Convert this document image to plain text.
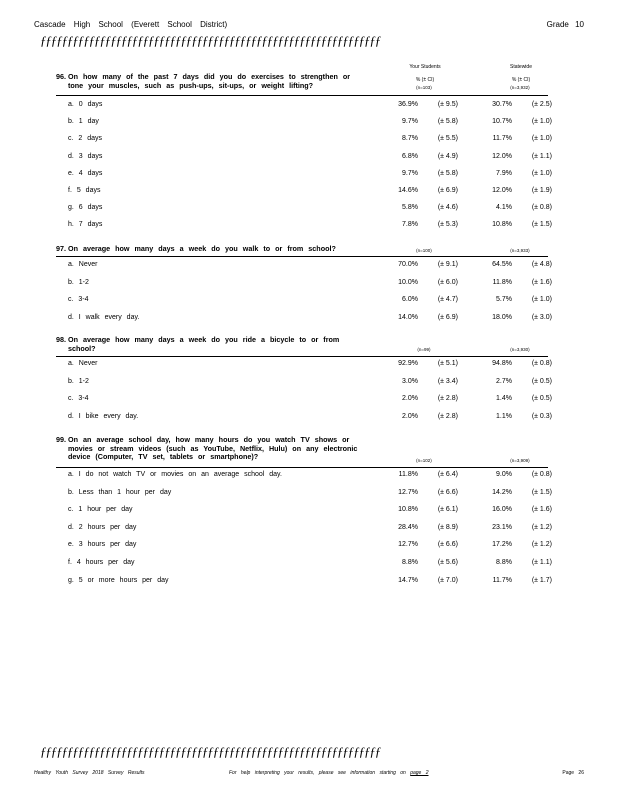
Cascade High School (Everett School District)	Grade 10
ƒƒƒƒƒƒƒƒƒƒƒƒƒƒƒƒƒƒƒƒƒƒƒƒƒƒƒƒƒƒƒƒƒƒƒƒƒƒƒƒƒƒƒƒƒƒƒƒƒƒƒƒƒƒƒƒƒƒƒƒƒƒƒ
Your Students	Statewide
% (± CI)	% (± CI)
96. On how many of the past 7 days did you do exercises to strengthen or tone your muscles, such as push-ups, sit-ups, or weight lifting?	(n=103)	(n=3,932)
a. 0 days	36.9%	(± 9.5)	30.7%	(± 2.5)
b. 1 day	9.7%	(± 5.8)	10.7%	(± 1.0)
c. 2 days	8.7%	(± 5.5)	11.7%	(± 1.0)
d. 3 days	6.8%	(± 4.9)	12.0%	(± 1.1)
e. 4 days	9.7%	(± 5.8)	7.9%	(± 1.0)
f. 5 days	14.6%	(± 6.9)	12.0%	(± 1.9)
g. 6 days	5.8%	(± 4.6)	4.1%	(± 0.8)
h. 7 days	7.8%	(± 5.3)	10.8%	(± 1.5)
97. On average how many days a week do you walk to or from school?	(n=100)	(n=3,933)
a. Never	70.0%	(± 9.1)	64.5%	(± 4.8)
b. 1-2	10.0%	(± 6.0)	11.8%	(± 1.6)
c. 3-4	6.0%	(± 4.7)	5.7%	(± 1.0)
d. I walk every day.	14.0%	(± 6.9)	18.0%	(± 3.0)
98. On average how many days a week do you ride a bicycle to or from school?	(n=99)	(n=3,930)
a. Never	92.9%	(± 5.1)	94.8%	(± 0.8)
b. 1-2	3.0%	(± 3.4)	2.7%	(± 0.5)
c. 3-4	2.0%	(± 2.8)	1.4%	(± 0.5)
d. I bike every day.	2.0%	(± 2.8)	1.1%	(± 0.3)
99. On an average school day, how many hours do you watch TV shows or movies or stream videos (such as YouTube, Netflix, Hulu) on any electronic device (Computer, TV set, tablets or smartphone)?	(n=102)	(n=3,909)
a. I do not watch TV or movies on an average school day.	11.8%	(± 6.4)	9.0%	(± 0.8)
b. Less than 1 hour per day	12.7%	(± 6.6)	14.2%	(± 1.5)
c. 1 hour per day	10.8%	(± 6.1)	16.0%	(± 1.6)
d. 2 hours per day	28.4%	(± 8.9)	23.1%	(± 1.2)
e. 3 hours per day	12.7%	(± 6.6)	17.2%	(± 1.2)
f. 4 hours per day	8.8%	(± 5.6)	8.8%	(± 1.1)
g. 5 or more hours per day	14.7%	(± 7.0)	11.7%	(± 1.7)
ƒƒƒƒƒƒƒƒƒƒƒƒƒƒƒƒƒƒƒƒƒƒƒƒƒƒƒƒƒƒƒƒƒƒƒƒƒƒƒƒƒƒƒƒƒƒƒƒƒƒƒƒƒƒƒƒƒƒƒƒƒƒƒ
Healthy Youth Survey 2018 Survey Results	For help interpreting your results, please see information starting on page 2	Page 26
